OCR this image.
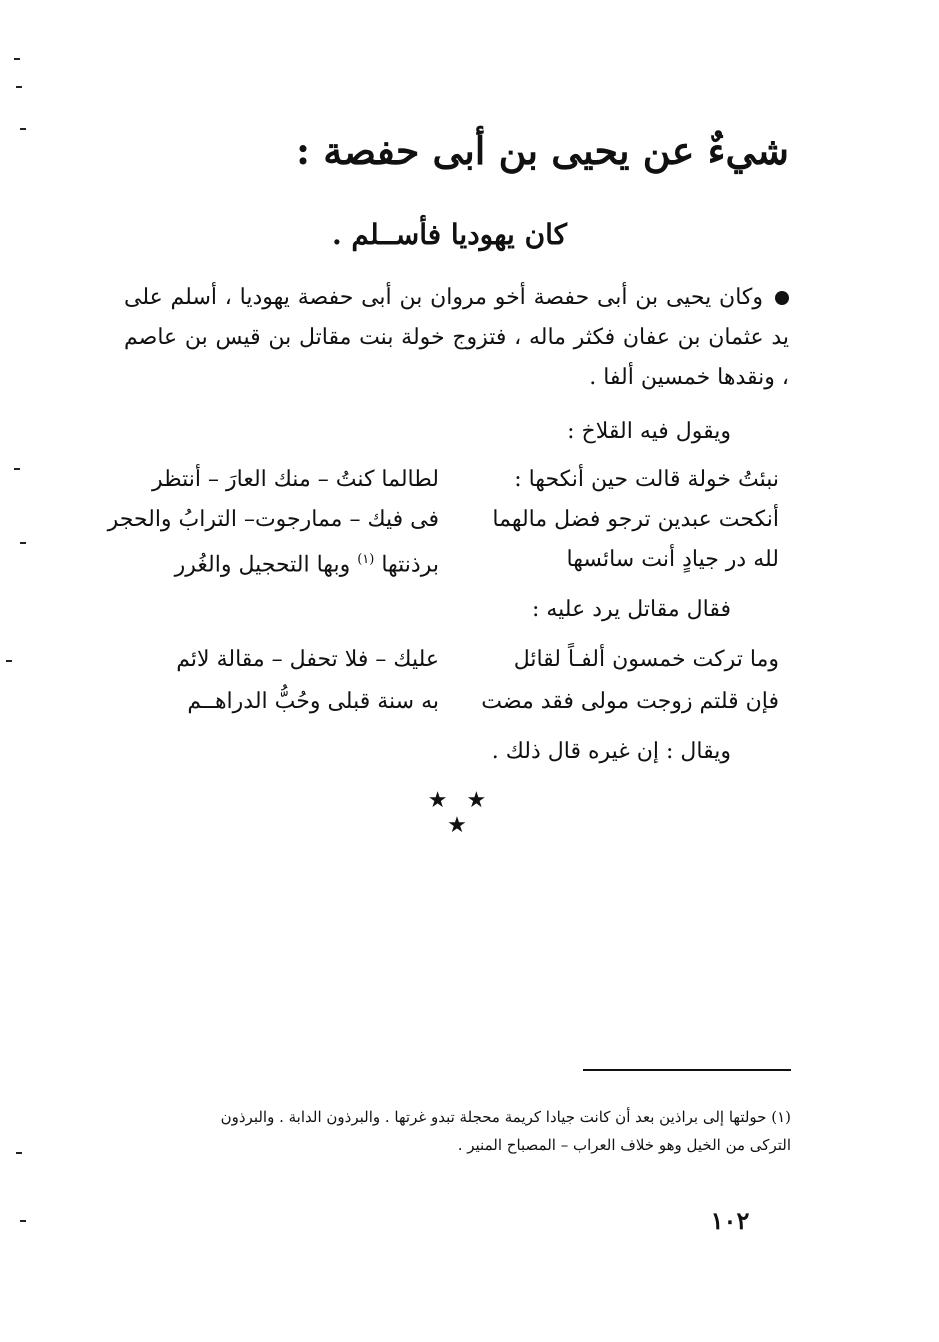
شيءٌ عن يحيى بن أبى حفصة :
كان يهوديا فأســلم .
وكان يحيى بن أبى حفصة أخو مروان بن أبى حفصة يهوديا ، أسلم على يد عثمان بن عفان فكثر ماله ، فتزوج خولة بنت مقاتل بن قيس بن عاصم ، ونقدها خمسين ألفا .
ويقول فيه القلاخ :
نبئتُ خولة قالت حين أنكحها :
لطالما كنتُ – منك العارَ – أنتظر
أنكحت عبدين ترجو فضل مالهما
فى فيك – ممارجوت– الترابُ والحجر
لله در جيادٍ أنت سائسها
برذنتها $^{(١)}$ وبها التحجيل والغُرر
فقال مقاتل يرد عليه :
وما تركت خمسون ألفـاً لقائل
عليك – فلا تحفل – مقالة لائم
فإن قلتم زوجت مولى فقد مضت
به سنة قبلى وحُبُّ الدراهــم
ويقال : إن غيره قال ذلك .
★ ★ ★
(١) حولتها إلى براذين بعد أن كانت جيادا كريمة محجلة تبدو غرتها . والبرذون الدابة . والبرذون
التركى من الخيل وهو خلاف العراب – المصباح المنير .
١٠٢
